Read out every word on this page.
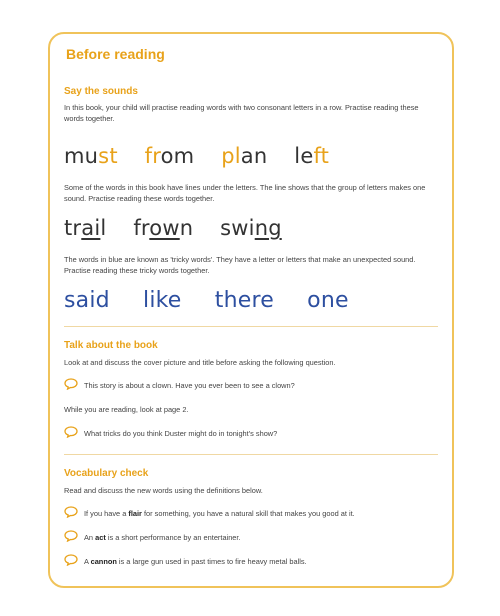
Before reading
Say the sounds

In this book, your child will practise reading words with two consonant letters in a row. Practise reading these words together.

must from plan left

Some of the words in this book have lines under the letters. The line shows that the group of letters makes one sound. Practise reading these words together.

trail frown swing

The words in blue are known as 'tricky words'. They have a letter or letters that make an unexpected sound. Practise reading these tricky words together.

said like there one
Talk about the book

Look at and discuss the cover picture and title before asking the following question.

This story is about a clown. Have you ever been to see a clown?

While you are reading, look at page 2.

What tricks do you think Duster might do in tonight's show?
Vocabulary check

Read and discuss the new words using the definitions below.

If you have a flair for something, you have a natural skill that makes you good at it.
An act is a short performance by an entertainer.
A cannon is a large gun used in past times to fire heavy metal balls.
